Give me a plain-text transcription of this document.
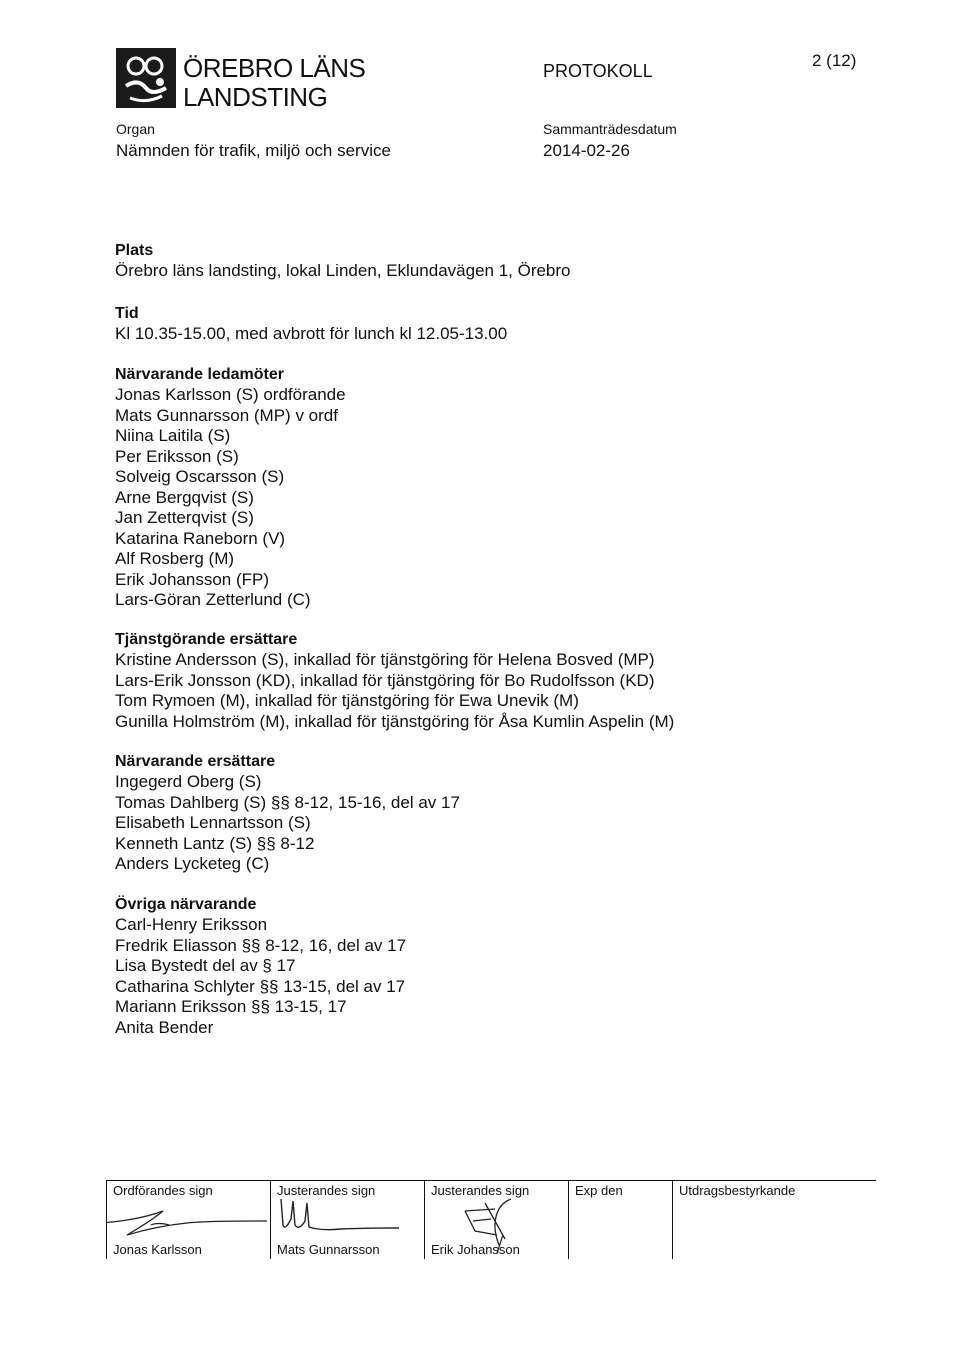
ÖREBRO LÄNS
LANDSTING
PROTOKOLL
2 (12)
Organ
Nämnden för trafik, miljö och service
Sammanträdesdatum
2014-02-26
Plats
Örebro läns landsting, lokal Linden, Eklundavägen 1, Örebro
Tid
Kl 10.35-15.00, med avbrott för lunch kl 12.05-13.00
Närvarande ledamöter
Jonas Karlsson (S) ordförande
Mats Gunnarsson (MP) v ordf
Niina Laitila (S)
Per Eriksson (S)
Solveig Oscarsson (S)
Arne Bergqvist (S)
Jan Zetterqvist (S)
Katarina Raneborn (V)
Alf Rosberg (M)
Erik Johansson (FP)
Lars-Göran Zetterlund (C)
Tjänstgörande ersättare
Kristine Andersson (S), inkallad för tjänstgöring för Helena Bosved (MP)
Lars-Erik Jonsson (KD), inkallad för tjänstgöring för Bo Rudolfsson (KD)
Tom Rymoen (M), inkallad för tjänstgöring för Ewa Unevik (M)
Gunilla Holmström (M), inkallad för tjänstgöring för Åsa Kumlin Aspelin (M)
Närvarande ersättare
Ingegerd Oberg (S)
Tomas Dahlberg (S) §§ 8-12, 15-16, del av 17
Elisabeth Lennartsson (S)
Kenneth Lantz (S) §§ 8-12
Anders Lycketeg (C)
Övriga närvarande
Carl-Henry Eriksson
Fredrik Eliasson §§ 8-12, 16, del av 17
Lisa Bystedt del av § 17
Catharina Schlyter §§ 13-15, del av 17
Mariann Eriksson §§ 13-15, 17
Anita Bender
Ordförandes sign
Jonas Karlsson
Justerandes sign
Mats Gunnarsson
Justerandes sign
Erik Johansson
Exp den	Utdragsbestyrkande
